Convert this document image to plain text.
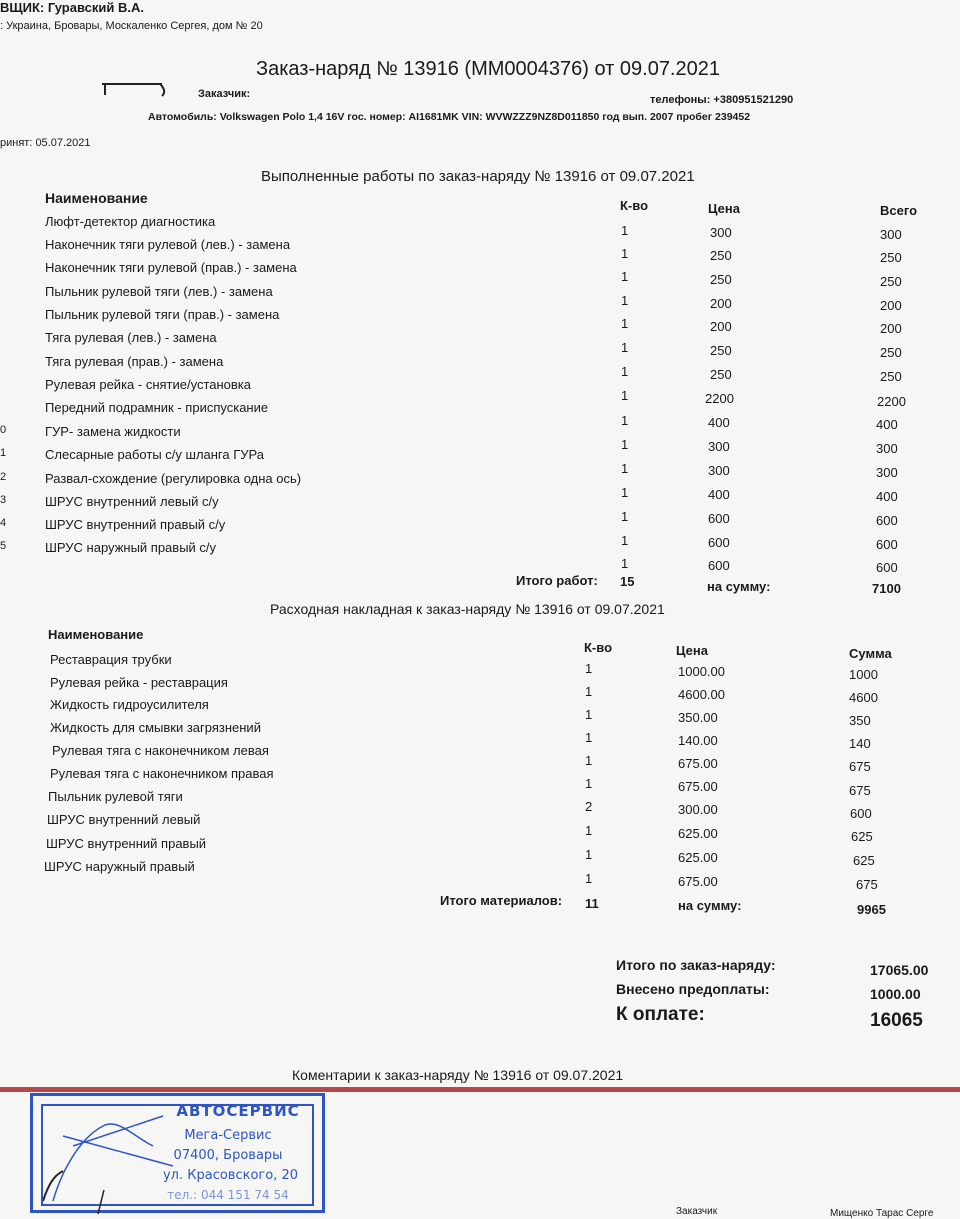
ВЩИК: Гуравский В.А.
: Украина, Бровары, Москаленко Сергея, дом № 20
Заказ-наряд № 13916 (MM0004376) от 09.07.2021
Заказчик:	телефоны: +380951521290
Автомобиль: Volkswagen Polo 1,4 16V гос. номер: AI1681MK VIN: WVWZZZ9NZ8D011850 год вып. 2007 пробег 239452
ринят: 05.07.2021
Выполненные работы по заказ-наряду № 13916 от 09.07.2021
Наименование	К-во	Цена	Всего
Люфт-детектор диагностика
1	300	300
Наконечник тяги рулевой (лев.) - замена
1	250	250
Наконечник тяги рулевой (прав.) - замена
1	250	250
Пыльник рулевой тяги (лев.) - замена
1	200	200
Пыльник рулевой тяги (прав.) - замена
1	200	200
Тяга рулевая (лев.) - замена
1	250	250
Тяга рулевая (прав.) - замена
1	250	250
Рулевая рейка - снятие/установка
1	2200	2200
Передний подрамник - приспускание
1	400	400
ГУР- замена жидкости
1	300	300
Слесарные работы с/у шланга ГУРа
1	300	300
Развал-схождение (регулировка одна ось)
1	400	400
ШРУС внутренний левый с/у
1	600	600
ШРУС внутренний правый с/у
1	600	600
ШРУС наружный правый с/у
1	600	600
0
1
2
3
4
5
Итого работ: 15	на сумму:	7100
Расходная накладная к заказ-наряду № 13916 от 09.07.2021
Наименование
К-во	Цена	Сумма
Реставрация трубки
1	1000.00	1000
Рулевая рейка - реставрация
1	4600.00	4600
Жидкость гидроусилителя
1	350.00	350
Жидкость для смывки загрязнений
1	140.00	140
Рулевая тяга с наконечником левая
1	675.00	675
Рулевая тяга с наконечником правая
1	675.00	675
Пыльник рулевой тяги
2	300.00	600
ШРУС внутренний левый
1	625.00	625
ШРУС внутренний правый
1	625.00	625
ШРУС наружный правый
1	675.00	675
Итого материалов: 11	на сумму:	9965
Итого по заказ-наряду:	17065.00
Внесено предоплаты:	1000.00
К оплате:	16065
Коментарии к заказ-наряду № 13916 от 09.07.2021
АВТОСЕРВИС
Мега-Сервис
07400, Бровары
ул. Красовского, 20
тел.: 044 151 74 54
Заказчик	Мищенко Тарас Серге
